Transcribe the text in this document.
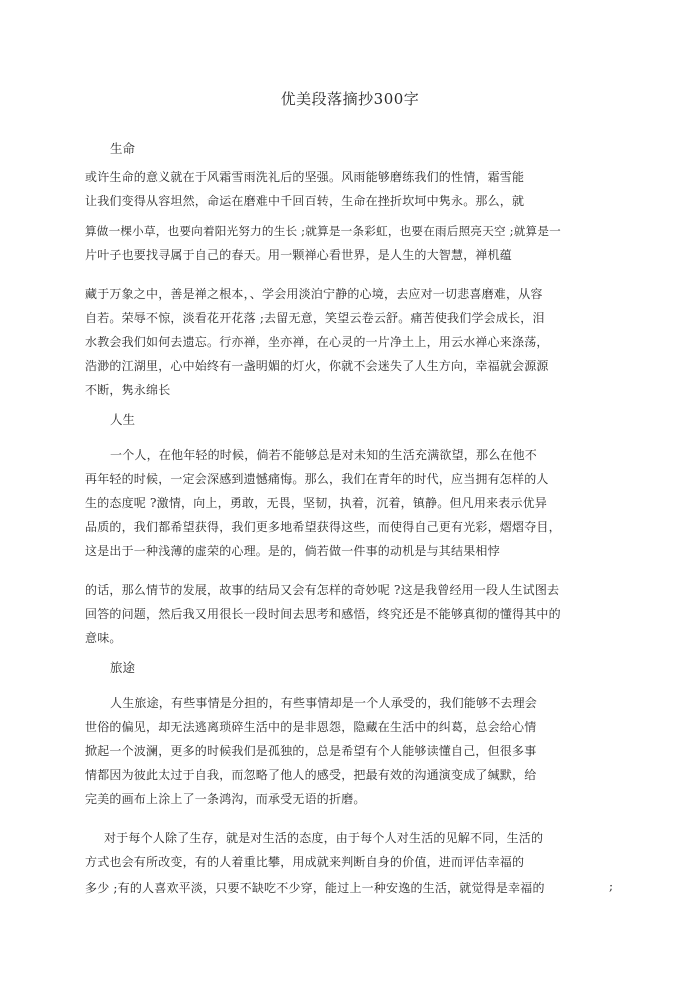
优美段落摘抄300字
生命
或许生命的意义就在于风霜雪雨洗礼后的坚强。风雨能够磨练我们的性情，霜雪能
让我们变得从容坦然，命运在磨难中千回百转，生命在挫折坎坷中隽永。那么，就
算做一棵小草，也要向着阳光努力的生长 ;就算是一条彩虹，也要在雨后照亮天空 ;就算是一
片叶子也要找寻属于自己的春天。用一颗禅心看世界，是人生的大智慧，禅机蕴
藏于万象之中，善是禅之根本，、学会用淡泊宁静的心境，去应对一切悲喜磨难，从容
自若。荣辱不惊，淡看花开花落 ;去留无意，笑望云卷云舒。痛苦使我们学会成长，泪
水教会我们如何去遗忘。行亦禅，坐亦禅，在心灵的一片净土上，用云水禅心来涤荡，
浩渺的江湖里，心中始终有一盏明媚的灯火，你就不会迷失了人生方向，幸福就会源源
不断，隽永绵长
人生
一个人，在他年轻的时候，倘若不能够总是对未知的生活充满欲望，那么在他不
再年轻的时候，一定会深感到遗憾痛悔。那么，我们在青年的时代，应当拥有怎样的人
生的态度呢 ?激情，向上，勇敢，无畏，坚韧，执着，沉着，镇静。但凡用来表示优异
品质的，我们都希望获得，我们更多地希望获得这些，而使得自己更有光彩，熠熠夺目，
这是出于一种浅薄的虚荣的心理。是的，倘若做一件事的动机是与其结果相悖
的话，那么情节的发展，故事的结局又会有怎样的奇妙呢 ?这是我曾经用一段人生试图去
回答的问题，然后我又用很长一段时间去思考和感悟，终究还是不能够真彻的懂得其中的
意味。
旅途
人生旅途，有些事情是分担的，有些事情却是一个人承受的，我们能够不去理会
世俗的偏见，却无法逃离琐碎生活中的是非恩怨，隐藏在生活中的纠葛，总会给心情
掀起一个波澜，更多的时候我们是孤独的，总是希望有个人能够读懂自己，但很多事
情都因为彼此太过于自我，而忽略了他人的感受，把最有效的沟通演变成了缄默，给
完美的画布上涂上了一条鸿沟，而承受无语的折磨。
对于每个人除了生存，就是对生活的态度，由于每个人对生活的见解不同，生活的
方式也会有所改变，有的人着重比攀，用成就来判断自身的价值，进而评估幸福的
多少 ;有的人喜欢平淡，只要不缺吃不少穿，能过上一种安逸的生活，就觉得是幸福的	;
